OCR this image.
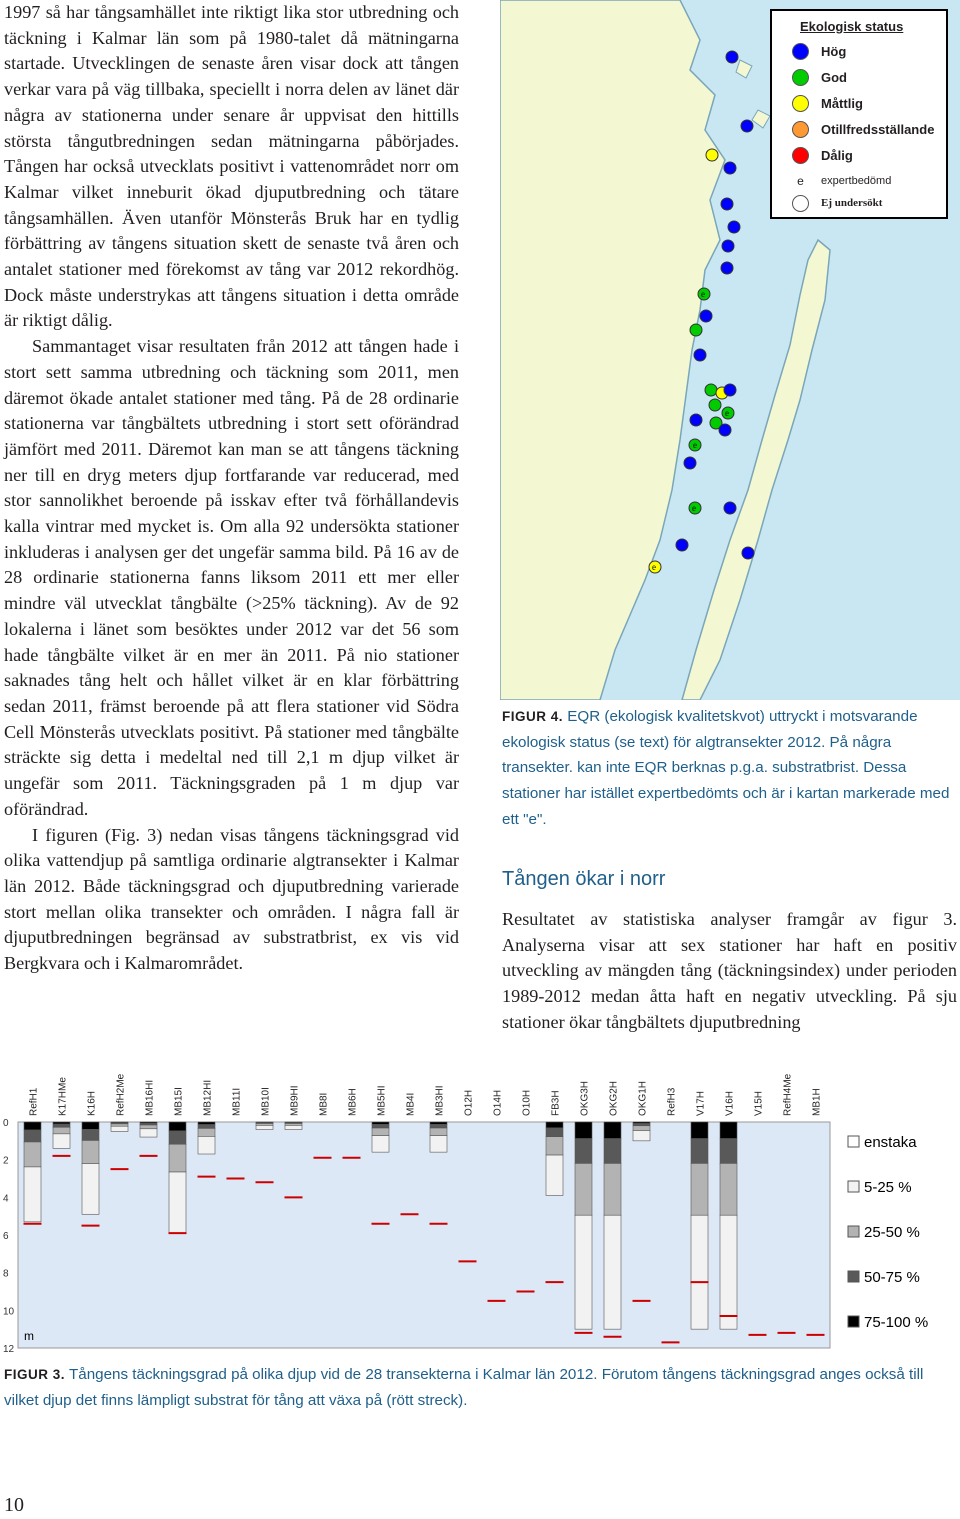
1997 så har tångsamhället inte riktigt lika stor utbredning och täckning i Kalmar län som på 1980-talet då mätningarna startade. Utvecklingen de senaste åren visar dock att tången verkar vara på väg tillbaka, speciellt i norra delen av länet där några av stationerna under senare år uppvisat den hittills största tångutbredningen sedan mätningarna påbörjades. Tången har också utvecklats positivt i vattenområdet norr om Kalmar vilket inneburit ökad djuputbredning och tätare tångsamhällen. Även utanför Mönsterås Bruk har en tydlig förbättring av tångens situation skett de senaste två åren och antalet stationer med förekomst av tång var 2012 rekordhög. Dock måste understrykas att tångens situation i detta område är riktigt dålig.

Sammantaget visar resultaten från 2012 att tången hade i stort sett samma utbredning och täckning som 2011, men däremot ökade antalet stationer med tång. På de 28 ordinarie stationerna var tångbältets utbredning i stort sett oförändrad jämfört med 2011. Däremot kan man se att tångens täckning ner till en dryg meters djup fortfarande var reducerad, med stor sannolikhet beroende på isskav efter två förhållandevis kalla vintrar med mycket is. Om alla 92 undersökta stationer inkluderas i analysen ger det ungefär samma bild. På 16 av de 28 ordinarie stationerna fanns liksom 2011 ett mer eller mindre väl utvecklat tångbälte (>25% täckning). Av de 92 lokalerna i länet som besöktes under 2012 var det 56 som hade tångbälte vilket är en mer än 2011. På nio stationer saknades tång helt och hållet vilket är en klar förbättring sedan 2011, främst beroende på att flera stationer vid Södra Cell Mönsterås utvecklats positivt. På stationer med tångbälte sträckte sig detta i medeltal ned till 2,1 m djup vilket är ungefär som 2011. Täckningsgraden på 1 m djup var oförändrad.

I figuren (Fig. 3) nedan visas tångens täckningsgrad vid olika vattendjup på samtliga ordinarie algtransekter i Kalmar län 2012. Både täckningsgrad och djuputbredning varierade stort mellan olika transekter och områden. I några fall är djuputbredningen begränsad av substratbrist, ex vis vid Bergkvara och i Kalmarområdet.

e
e
e
e
e
Ekologisk status
Hög
God
Måttlig
Otillfredsställande
Dålig
e	expertbedömd
Ej undersökt
FIGUR 4. EQR (ekologisk kvalitetskvot) uttryckt i motsvarande ekologisk status (se text) för algtransekter 2012. På några transekter. kan inte EQR berknas p.g.a. substratbrist. Dessa stationer har istället expertbedömts och är i kartan markerade med ett "e".
Tången ökar i norr

Resultatet av statistiska analyser framgår av figur 3. Analyserna visar att sex stationer har haft en positiv utveckling av mängden tång (täckningsindex) under perioden 1989-2012 medan åtta haft en negativ utveckling. På sju stationer ökar tångbältets djuputbredning

0
2
4
6
8
10
12
m
RefH1 K17HMe K16H RefH2Me MB16HI MB15I MB12HI MB11I MB10I MB9HI MB8I MB6H MB5HI MB4I MB3HI O12H O14H O10H FB3H OKG3H OKG2H OKG1H RefH3 V17H V16H V15H RefH4Me MB1H
enstaka
5-25 %
25-50 %
50-75 %
75-100 %
FIGUR 3. Tångens täckningsgrad på olika djup vid de 28 transekterna i Kalmar län 2012. Förutom tångens täckningsgrad anges också till vilket djup det finns lämpligt substrat för tång att växa på (rött streck).
10
